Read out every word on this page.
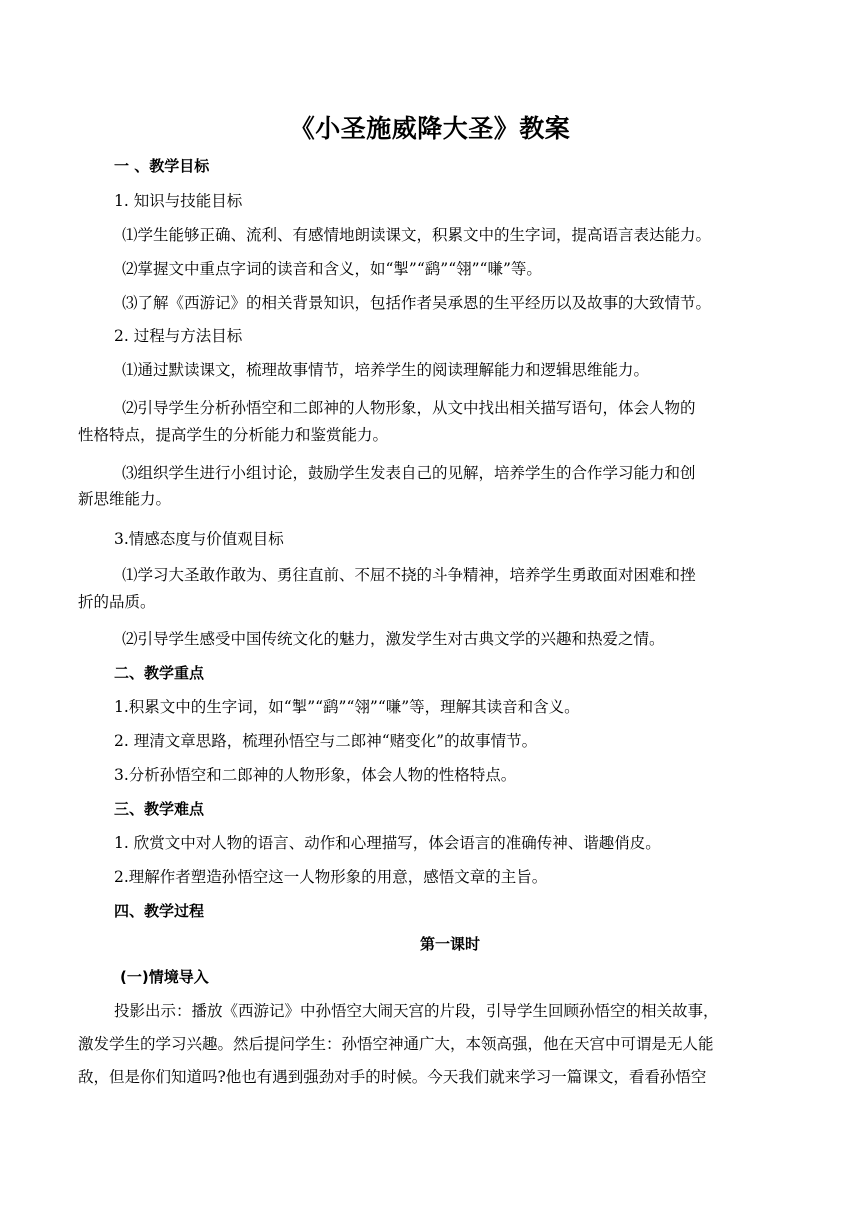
《小圣施威降大圣》教案
一 、教学目标
1. 知识与技能目标
⑴学生能够正确、流利、有感情地朗读课文，积累文中的生字词，提高语言表达能力。
⑵掌握文中重点字词的读音和含义，如“掣”“鹞”“翎”“嗛”等。
⑶了解《西游记》的相关背景知识，包括作者吴承恩的生平经历以及故事的大致情节。
2. 过程与方法目标
⑴通过默读课文，梳理故事情节，培养学生的阅读理解能力和逻辑思维能力。
⑵引导学生分析孙悟空和二郎神的人物形象，从文中找出相关描写语句，体会人物的
性格特点，提高学生的分析能力和鉴赏能力。
⑶组织学生进行小组讨论，鼓励学生发表自己的见解，培养学生的合作学习能力和创
新思维能力。
3.情感态度与价值观目标
⑴学习大圣敢作敢为、勇往直前、不屈不挠的斗争精神，培养学生勇敢面对困难和挫
折的品质。
⑵引导学生感受中国传统文化的魅力，激发学生对古典文学的兴趣和热爱之情。
二、教学重点
1.积累文中的生字词，如“掣”“鹞”“翎”“嗛”等，理解其读音和含义。
2. 理清文章思路，梳理孙悟空与二郎神“赌变化”的故事情节。
3.分析孙悟空和二郎神的人物形象，体会人物的性格特点。
三、教学难点
1. 欣赏文中对人物的语言、动作和心理描写，体会语言的准确传神、谐趣俏皮。
2.理解作者塑造孙悟空这一人物形象的用意，感悟文章的主旨。
四、教学过程
第一课时
(一)情境导入
投影出示：播放《西游记》中孙悟空大闹天宫的片段，引导学生回顾孙悟空的相关故事，
激发学生的学习兴趣。然后提问学生：孙悟空神通广大，本领高强，他在天宫中可谓是无人能
敌，但是你们知道吗?他也有遇到强劲对手的时候。今天我们就来学习一篇课文，看看孙悟空
